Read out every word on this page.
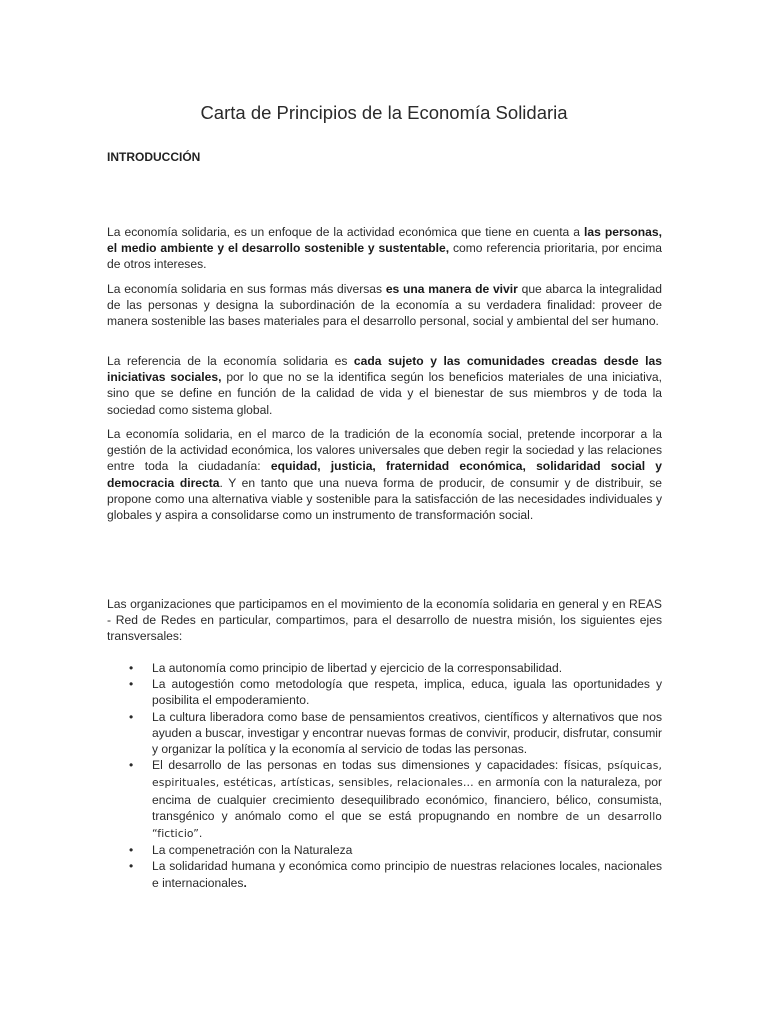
Carta de Principios de la Economía Solidaria
INTRODUCCIÓN

La economía solidaria, es un enfoque de la actividad económica que tiene en cuenta a las personas, el medio ambiente y el desarrollo sostenible y sustentable, como referencia prioritaria, por encima de otros intereses.

La economía solidaria en sus formas más diversas es una manera de vivir que abarca la integralidad de las personas y designa la subordinación de la economía a su verdadera finalidad: proveer de manera sostenible las bases materiales para el desarrollo personal, social y ambiental del ser humano.

La referencia de la economía solidaria es cada sujeto y las comunidades creadas desde las iniciativas sociales, por lo que no se la identifica según los beneficios materiales de una iniciativa, sino que se define en función de la calidad de vida y el bienestar de sus miembros y de toda la sociedad como sistema global.

La economía solidaria, en el marco de la tradición de la economía social, pretende incorporar a la gestión de la actividad económica, los valores universales que deben regir la sociedad y las relaciones entre toda la ciudadanía: equidad, justicia, fraternidad económica, solidaridad social y democracia directa. Y en tanto que una nueva forma de producir, de consumir y de distribuir, se propone como una alternativa viable y sostenible para la satisfacción de las necesidades individuales y globales y aspira a consolidarse como un instrumento de transformación social.

Las organizaciones que participamos en el movimiento de la economía solidaria en general y en REAS - Red de Redes en particular, compartimos, para el desarrollo de nuestra misión, los siguientes ejes transversales:

• La autonomía como principio de libertad y ejercicio de la corresponsabilidad.
• La autogestión como metodología que respeta, implica, educa, iguala las oportunidades y posibilita el empoderamiento.
• La cultura liberadora como base de pensamientos creativos, científicos y alternativos que nos ayuden a buscar, investigar y encontrar nuevas formas de convivir, producir, disfrutar, consumir y organizar la política y la economía al servicio de todas las personas.
• El desarrollo de las personas en todas sus dimensiones y capacidades: físicas, psíquicas, espirituales, estéticas, artísticas, sensibles, relacionales… en armonía con la naturaleza, por encima de cualquier crecimiento desequilibrado económico, financiero, bélico, consumista, transgénico y anómalo como el que se está propugnando en nombre de un desarrollo “ficticio”.
• La compenetración con la Naturaleza
• La solidaridad humana y económica como principio de nuestras relaciones locales, nacionales e internacionales.
